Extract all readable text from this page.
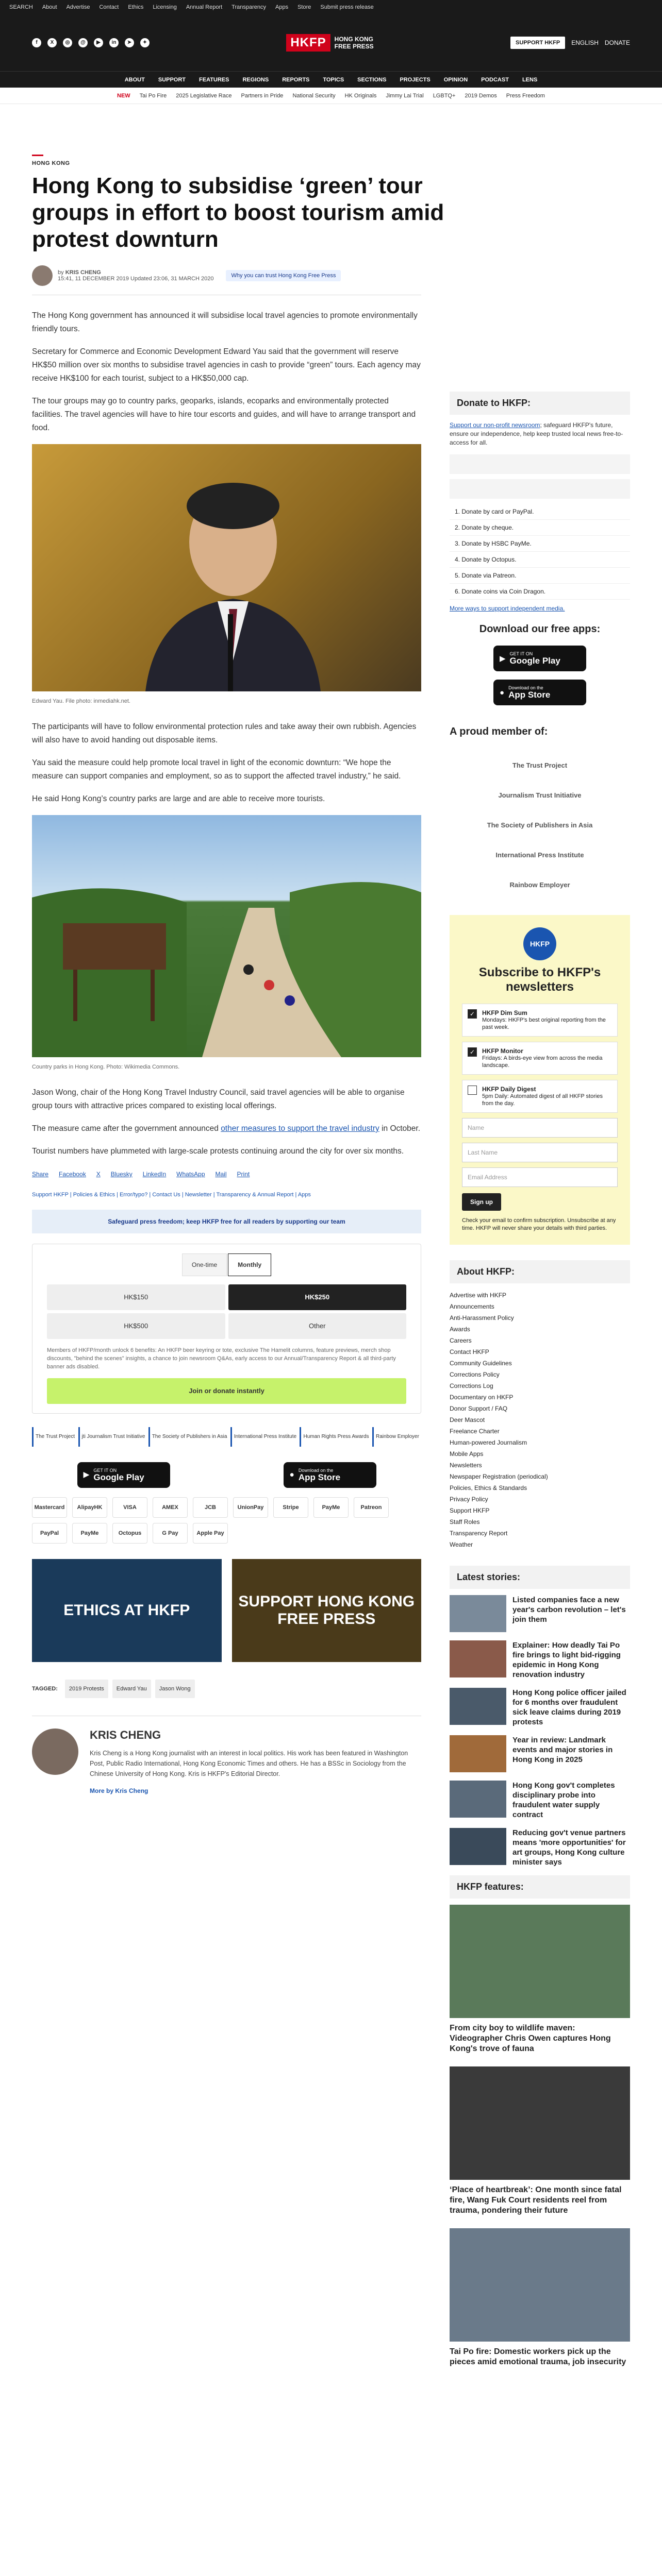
SEARCH About Advertise Contact Ethics Licensing Annual Report Transparency Apps Store Submit press release
f	X	◎	@	▶	in	➤	✦	HKFP	HONG KONG
FREE PRESS	SUPPORT HKFP	ENGLISH DONATE
ABOUT SUPPORT FEATURES REGIONS REPORTS TOPICS SECTIONS PROJECTS OPINION PODCAST LENS
NEW Tai Po Fire 2025 Legislative Race Partners in Pride National Security HK Originals Jimmy Lai Trial LGBTQ+ 2019 Demos Press Freedom
HONG KONG
Hong Kong to subsidise ‘green’ tour groups in effort to boost tourism amid protest downturn
by KRIS CHENG
15:41, 11 DECEMBER 2019 Updated 23:06, 31 MARCH 2020	Why you can trust Hong Kong Free Press

The Hong Kong government has announced it will subsidise local travel agencies to promote environmentally friendly tours.

Secretary for Commerce and Economic Development Edward Yau said that the government will reserve HK$50 million over six months to subsidise travel agencies in cash to provide “green” tours. Each agency may receive HK$100 for each tourist, subject to a HK$50,000 cap.

The tour groups may go to country parks, geoparks, islands, ecoparks and environmentally protected facilities. The travel agencies will have to hire tour escorts and guides, and will have to arrange transport and food.

Edward Yau. File photo: inmediahk.net.

The participants will have to follow environmental protection rules and take away their own rubbish. Agencies will also have to avoid handing out disposable items.

Yau said the measure could help promote local travel in light of the economic downturn: “We hope the measure can support companies and employment, so as to support the affected travel industry,” he said.

He said Hong Kong’s country parks are large and are able to receive more tourists.

Country parks in Hong Kong. Photo: Wikimedia Commons.

Jason Wong, chair of the Hong Kong Travel Industry Council, said travel agencies will be able to organise group tours with attractive prices compared to existing local offerings.

The measure came after the government announced other measures to support the travel industry in October.

Tourist numbers have plummeted with large-scale protests continuing around the city for over six months.

Share Facebook X Bluesky LinkedIn WhatsApp Mail Print
Support HKFP | Policies & Ethics | Error/typo? | Contact Us | Newsletter | Transparency & Annual Report | Apps
Safeguard press freedom; keep HKFP free for all readers by supporting our team
One-time	Monthly
HK$150	HK$250
HK$500	Other
Members of HKFP/month unlock 6 benefits: An HKFP beer keyring or tote, exclusive The Hamelit columns, feature previews, merch shop discounts, "behind the scenes" insights, a chance to join newsroom Q&As, early access to our Annual/Transparency Report & all third-party banner ads disabled.
Join or donate instantly
The Trust Project	jti Journalism Trust Initiative	The Society of Publishers in Asia	International Press Institute	Human Rights Press Awards	Rainbow Employer
▶ GET IT ON
Google Play	● Download on the
App Store
Mastercard	AlipayHK	VISA	AMEX	JCB	UnionPay	Stripe	PayMe	Patreon
PayPal	PayMe	Octopus	G Pay	Apple Pay
ETHICS AT HKFP
SUPPORT HONG KONG FREE PRESS
TAGGED:	2019 Protests	Edward Yau	Jason Wong
KRIS CHENG
Kris Cheng is a Hong Kong journalist with an interest in local politics. His work has been featured in Washington Post, Public Radio International, Hong Kong Economic Times and others. He has a BSSc in Sociology from the Chinese University of Hong Kong. Kris is HKFP's Editorial Director.
More by Kris Cheng
Donate to HKFP:
Support our non-profit newsroom; safeguard HKFP's future, ensure our independence, help keep trusted local news free-to-access for all.
1. Donate by card or PayPal.
2. Donate by cheque.
3. Donate by HSBC PayMe.
4. Donate by Octopus.
5. Donate via Patreon.
6. Donate coins via Coin Dragon.
More ways to support independent media.
Download our free apps:
▶
GET IT ON
Google Play
●
Download on the
App Store
A proud member of:
The Trust Project
Journalism Trust Initiative
The Society of Publishers in Asia
International Press Institute
Rainbow Employer
HKFP
Subscribe to HKFP's newsletters
✓	HKFP Dim Sum
Mondays: HKFP's best original reporting from the past week.
✓	HKFP Monitor
Fridays: A birds-eye view from across the media landscape.
HKFP Daily Digest
5pm Daily: Automated digest of all HKFP stories from the day.
Name
Last Name
Email Address
Sign up
Check your email to confirm subscription. Unsubscribe at any time. HKFP will never share your details with third parties.
About HKFP:
Advertise with HKFP
Announcements
Anti-Harassment Policy
Awards
Careers
Contact HKFP
Community Guidelines
Corrections Policy
Corrections Log
Documentary on HKFP
Donor Support / FAQ
Deer Mascot
Freelance Charter
Human-powered Journalism
Mobile Apps
Newsletters
Newspaper Registration (periodical)
Policies, Ethics & Standards
Privacy Policy
Support HKFP
Staff Roles
Transparency Report
Weather
Latest stories:
Listed companies face a new year's carbon revolution – let's join them
Explainer: How deadly Tai Po fire brings to light bid-rigging epidemic in Hong Kong renovation industry
Hong Kong police officer jailed for 6 months over fraudulent sick leave claims during 2019 protests
Year in review: Landmark events and major stories in Hong Kong in 2025
Hong Kong gov't completes disciplinary probe into fraudulent water supply contract
Reducing gov't venue partners means 'more opportunities' for art groups, Hong Kong culture minister says
HKFP features:
From city boy to wildlife maven: Videographer Chris Owen captures Hong Kong's trove of fauna
‘Place of heartbreak’: One month since fatal fire, Wang Fuk Court residents reel from trauma, pondering their future
Tai Po fire: Domestic workers pick up the pieces amid emotional trauma, job insecurity
